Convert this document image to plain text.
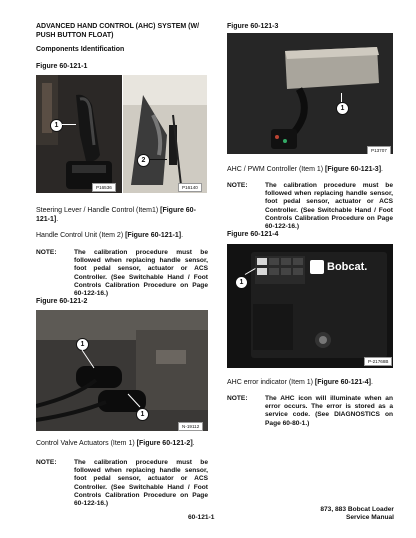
ADVANCED HAND CONTROL (AHC) SYSTEM (W/ PUSH BUTTON FLOAT)
Components Identification
Figure 60-121-1
1
P16536
2
P16140
Steering Lever / Handle Control (Item1) [Figure 60-121-1].
Handle Control Unit (Item 2) [Figure 60-121-1].
NOTE:	The calibration procedure must be followed when replacing handle sensor, foot pedal sensor, actuator or ACS Controller. (See Switchable Hand / Foot Controls Calibration Procedure on Page 60-122-16.)
Figure 60-121-2
1
1
N-19112
Control Valve Actuators (Item 1) [Figure 60-121-2].
NOTE:	The calibration procedure must be followed when replacing handle sensor, foot pedal sensor, actuator or ACS Controller. (See Switchable Hand / Foot Controls Calibration Procedure on Page 60-122-16.)
Figure 60-121-3
1
P13707
AHC / PWM Controller (Item 1) [Figure 60-121-3].
NOTE:	The calibration procedure must be followed when replacing handle sensor, foot pedal sensor, actuator or ACS Controller. (See Switchable Hand / Foot Controls Calibration Procedure on Page 60-122-16.)
Figure 60-121-4
Bobcat.
1
P-21768B
AHC error indicator (Item 1) [Figure 60-121-4].
NOTE:	The AHC icon will illuminate when an error occurs. The error is stored as a service code. (See DIAGNOSTICS on Page 60-80-1.)
60-121-1
873, 883 Bobcat Loader
Service Manual
